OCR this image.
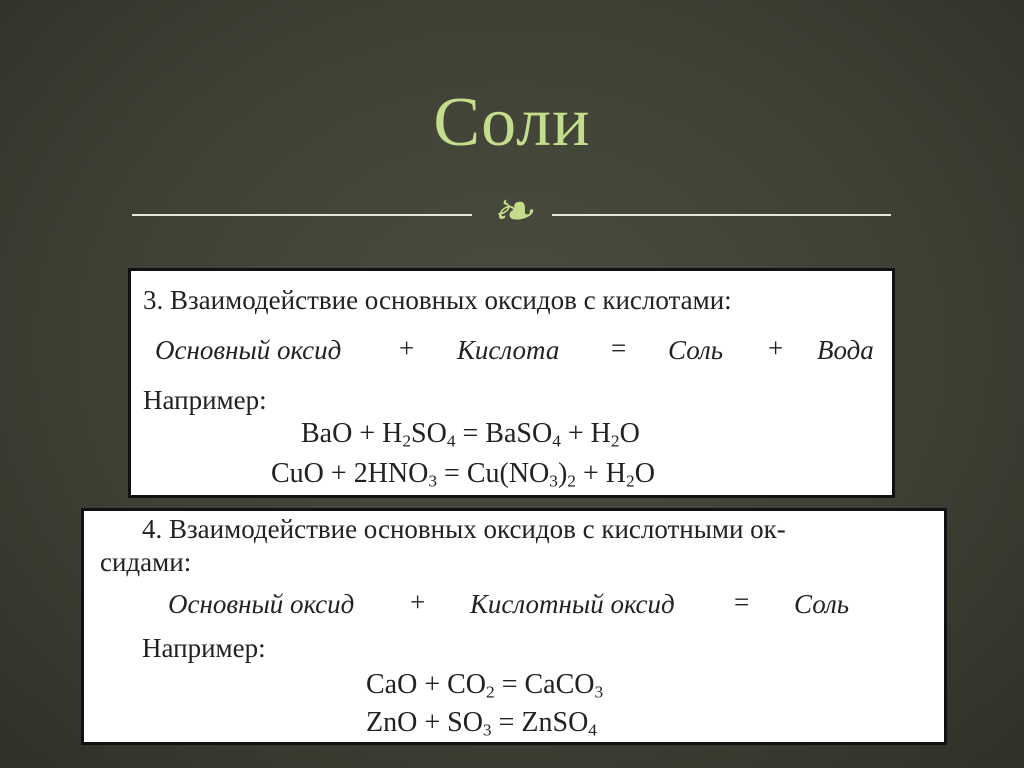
Соли
❧
3. Взаимодействие основных оксидов с кислотами:
Основный оксид + Кислота = Соль + Вода
Например:
BaO + $H_2SO_4$ = BaSO$_4$ + $H_2O$
CuO + $2HNO_3 = Cu(NO_3)_2 + H_2O$
4. Взаимодействие основных оксидов с кислотными ок-
сидами:
Основный оксид + Кислотный оксид = Соль
Например:
CaO + $CO_2$ = CaCO$_3$
ZnO + $SO_3$ = ZnSO$_4$
